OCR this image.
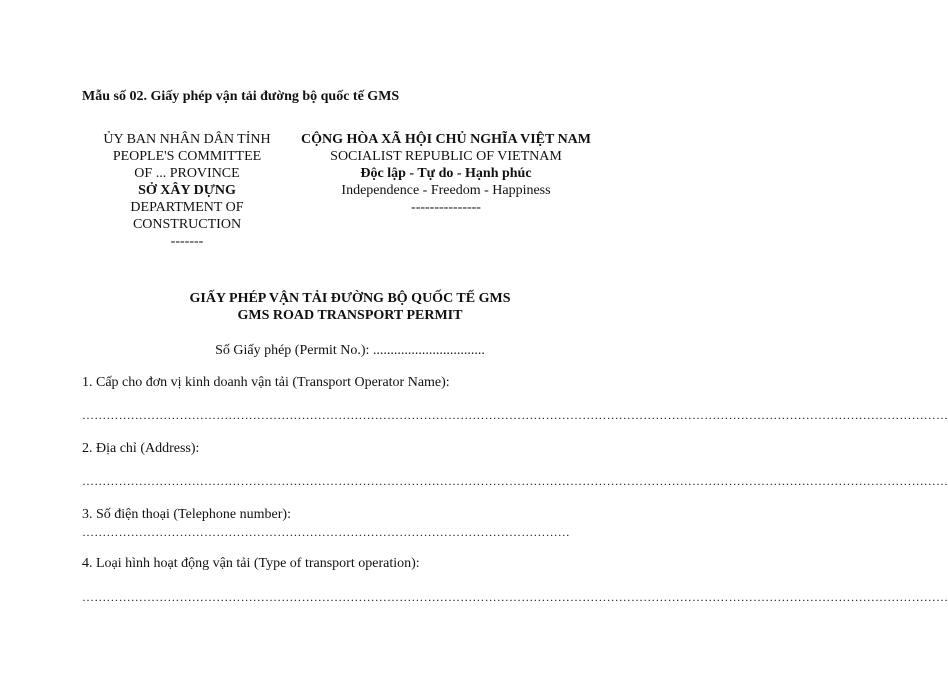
Mẫu số 02. Giấy phép vận tải đường bộ quốc tế GMS
ỦY BAN NHÂN DÂN TỈNH
PEOPLE'S COMMITTEE
OF ... PROVINCE
SỞ XÂY DỰNG
DEPARTMENT OF
CONSTRUCTION
-------
CỘNG HÒA XÃ HỘI CHỦ NGHĨA VIỆT NAM
SOCIALIST REPUBLIC OF VIETNAM
Độc lập - Tự do - Hạnh phúc
Independence - Freedom - Happiness
---------------
GIẤY PHÉP VẬN TẢI ĐƯỜNG BỘ QUỐC TẾ GMS
GMS ROAD TRANSPORT PERMIT
Số Giấy phép (Permit No.): ................................
1. Cấp cho đơn vị kinh doanh vận tải (Transport Operator Name):
……………………………………………………………………………………………………………………………………………………………………………………………
2. Địa chỉ (Address):
……………………………………………………………………………………………………………………………………………………………………………………………
3. Số điện thoại (Telephone number):
…………………………………………………………………………………………………………
4. Loại hình hoạt động vận tải (Type of transport operation):
……………………………………………………………………………………………………………………………………………………………………………………………
